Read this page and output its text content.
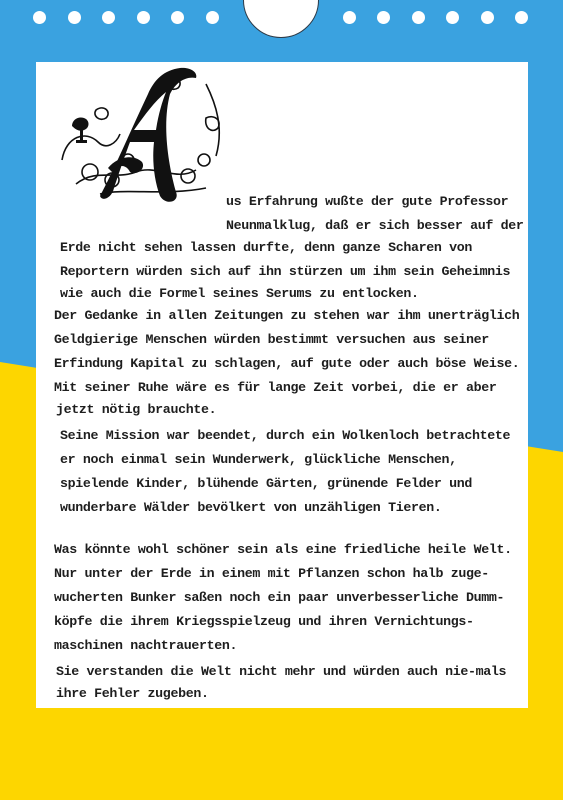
us Erfahrung wußte der gute Professor

Neunmalklug, daß er sich besser auf der

Erde nicht sehen lassen durfte, denn ganze Scharen von

Reportern würden sich auf ihn stürzen um ihm sein Geheimnis

wie auch die Formel seines Serums zu entlocken.

Der Gedanke in allen Zeitungen zu stehen war ihm unerträglich

Geldgierige Menschen würden bestimmt versuchen aus seiner

Erfindung Kapital zu schlagen, auf gute oder auch böse Weise.

Mit seiner Ruhe wäre es für lange Zeit vorbei, die er aber

jetzt nötig brauchte.

Seine Mission war beendet, durch ein Wolkenloch betrachtete

er noch einmal sein Wunderwerk, glückliche Menschen,

spielende Kinder, blühende Gärten, grünende Felder und

wunderbare Wälder bevölkert von unzähligen Tieren.

Was könnte wohl schöner sein als eine friedliche heile Welt.

Nur unter der Erde in einem mit Pflanzen schon halb zuge-

wucherten Bunker saßen noch ein paar unverbesserliche Dumm-

köpfe die ihrem Kriegsspielzeug und ihren Vernichtungs-

maschinen nachtrauerten.

Sie verstanden die Welt nicht mehr und würden auch nie-mals

ihre Fehler zugeben.
